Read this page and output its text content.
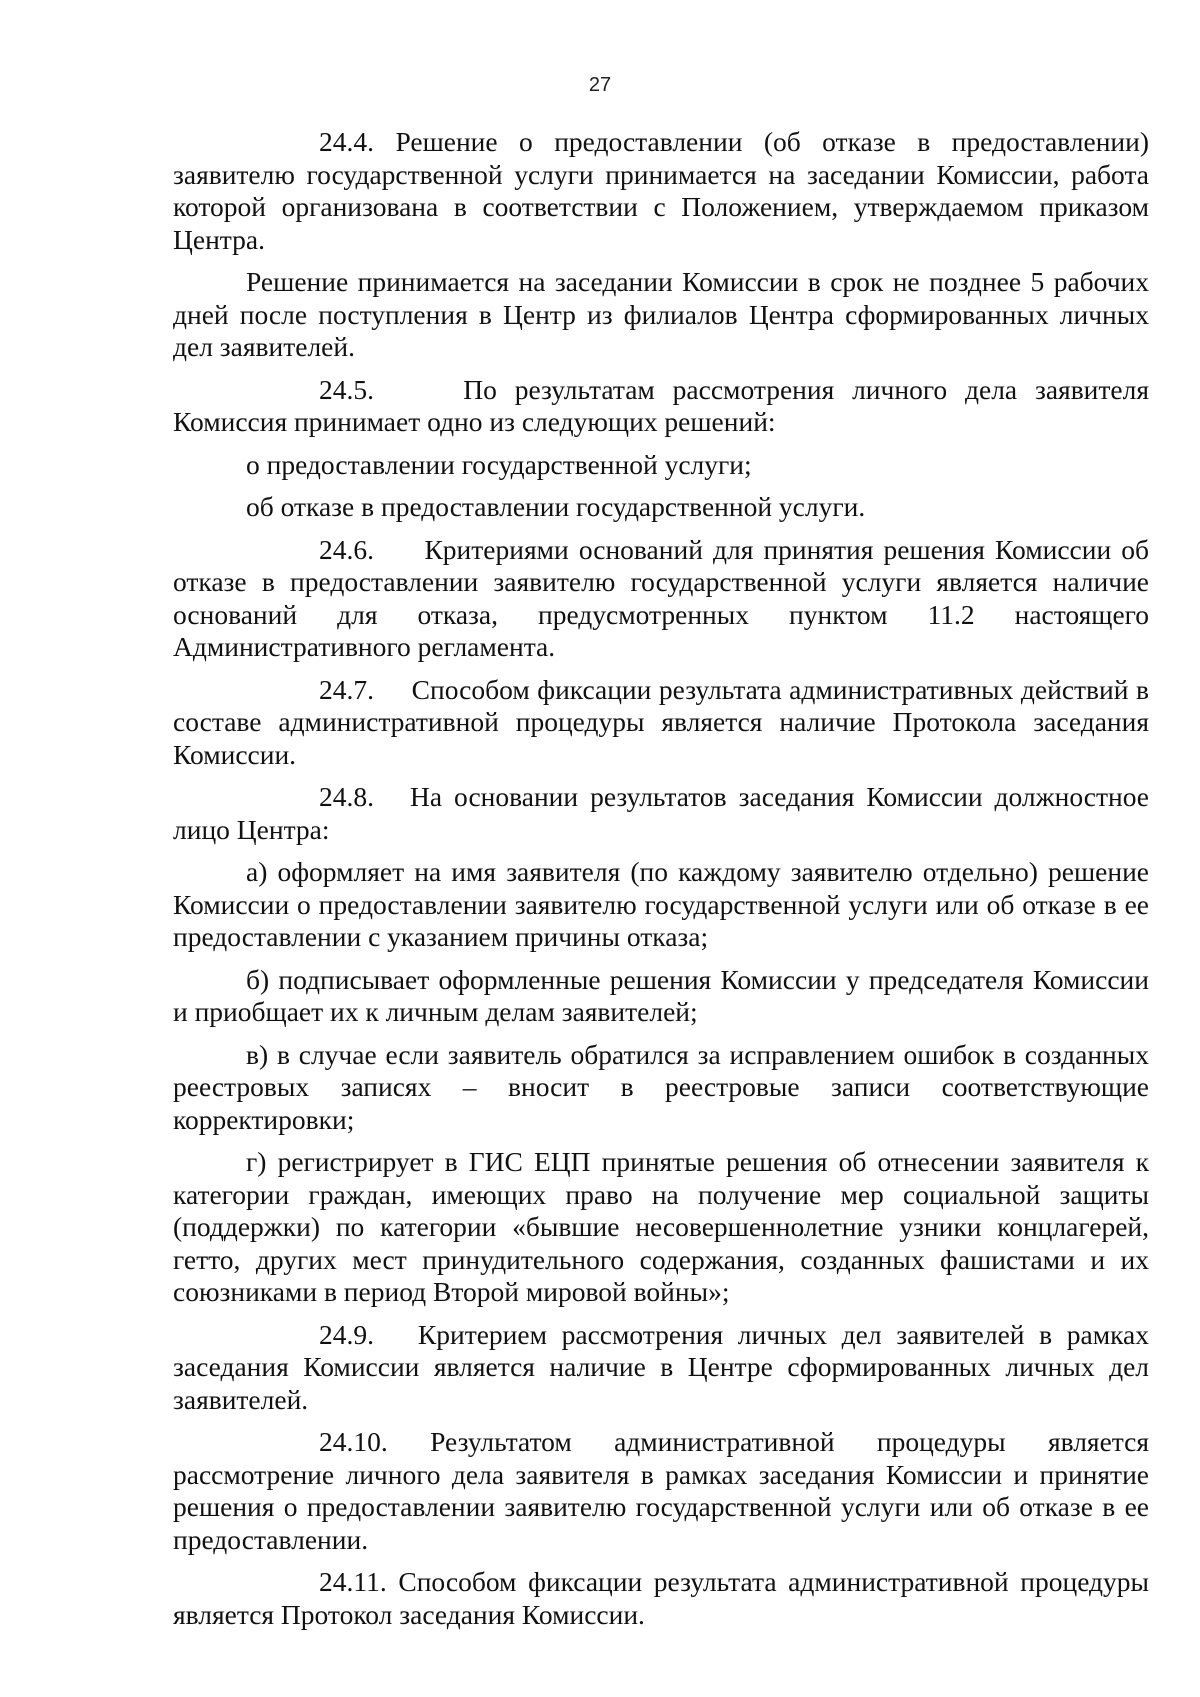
27

24.4. Решение о предоставлении (об отказе в предоставлении) заявителю государственной услуги принимается на заседании Комиссии, работа которой организована в соответствии с Положением, утверждаемом приказом Центра.

Решение принимается на заседании Комиссии в срок не позднее 5 рабочих дней после поступления в Центр из филиалов Центра сформированных личных дел заявителей.

24.5.	По результатам рассмотрения личного дела заявителя Комиссия принимает одно из следующих решений:

о предоставлении государственной услуги;

об отказе в предоставлении государственной услуги.

24.6. Критериями оснований для принятия решения Комиссии об отказе в предоставлении заявителю государственной услуги является наличие оснований для отказа, предусмотренных пунктом 11.2 настоящего Административного регламента.

24.7. Способом фиксации результата административных действий в составе административной процедуры является наличие Протокола заседания Комиссии.

24.8. На основании результатов заседания Комиссии должностное лицо Центра:

а) оформляет на имя заявителя (по каждому заявителю отдельно) решение Комиссии о предоставлении заявителю государственной услуги или об отказе в ее предоставлении с указанием причины отказа;

б) подписывает оформленные решения Комиссии у председателя Комиссии и приобщает их к личным делам заявителей;

в) в случае если заявитель обратился за исправлением ошибок в созданных реестровых записях – вносит в реестровые записи соответствующие корректировки;

г) регистрирует в ГИС ЕЦП принятые решения об отнесении заявителя к категории граждан, имеющих право на получение мер социальной защиты (поддержки) по категории «бывшие несовершеннолетние узники концлагерей, гетто, других мест принудительного содержания, созданных фашистами и их союзниками в период Второй мировой войны»;

24.9. Критерием рассмотрения личных дел заявителей в рамках заседания Комиссии является наличие в Центре сформированных личных дел заявителей.

24.10. Результатом административной процедуры является рассмотрение личного дела заявителя в рамках заседания Комиссии и принятие решения о предоставлении заявителю государственной услуги или об отказе в ее предоставлении.

24.11. Способом фиксации результата административной процедуры является Протокол заседания Комиссии.
